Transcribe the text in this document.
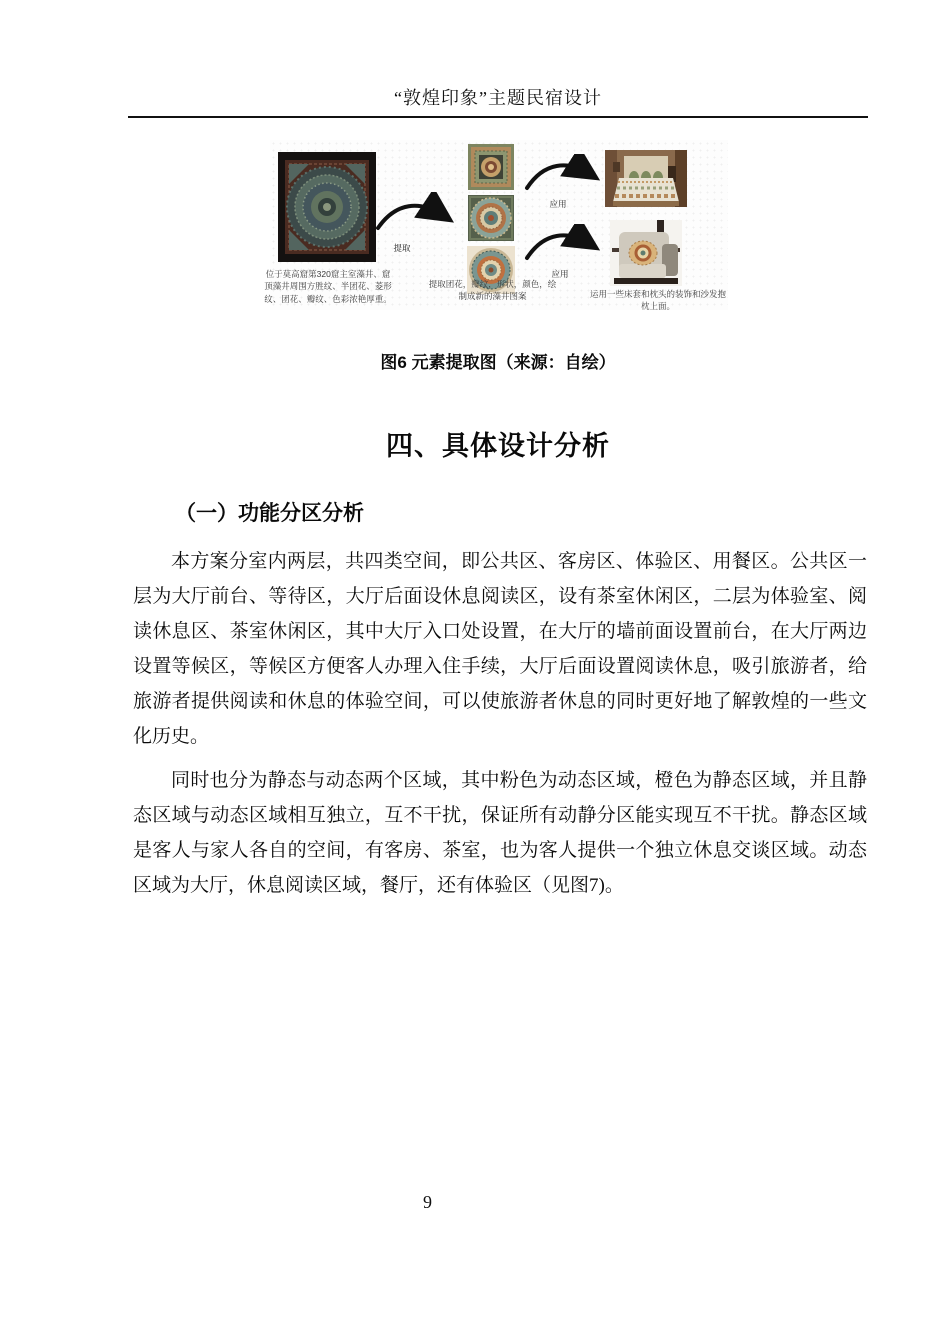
“敦煌印象”主题民宿设计
位于莫高窟第320窟主室藻井、窟顶藻井周围方胜纹、半团花、菱形纹、团花、瓣纹、色彩浓艳厚重。
提取
提取团花，瓣纹，形状，颜色，绘制成新的藻井图案
应用
应用
运用一些床套和枕头的装饰和沙发抱枕上面。
图6 元素提取图（来源：自绘）
四、具体设计分析
（一）功能分区分析

本方案分室内两层，共四类空间，即公共区、客房区、体验区、用餐区。公共区一层为大厅前台、等待区，大厅后面设休息阅读区，设有茶室休闲区，二层为体验室、阅读休息区、茶室休闲区，其中大厅入口处设置，在大厅的墙前面设置前台，在大厅两边设置等候区，等候区方便客人办理入住手续，大厅后面设置阅读休息，吸引旅游者，给旅游者提供阅读和休息的体验空间，可以使旅游者休息的同时更好地了解敦煌的一些文化历史。

同时也分为静态与动态两个区域，其中粉色为动态区域，橙色为静态区域，并且静态区域与动态区域相互独立，互不干扰，保证所有动静分区能实现互不干扰。静态区域是客人与家人各自的空间，有客房、茶室，也为客人提供一个独立休息交谈区域。动态区域为大厅，休息阅读区域，餐厅，还有体验区（见图7)。

9
